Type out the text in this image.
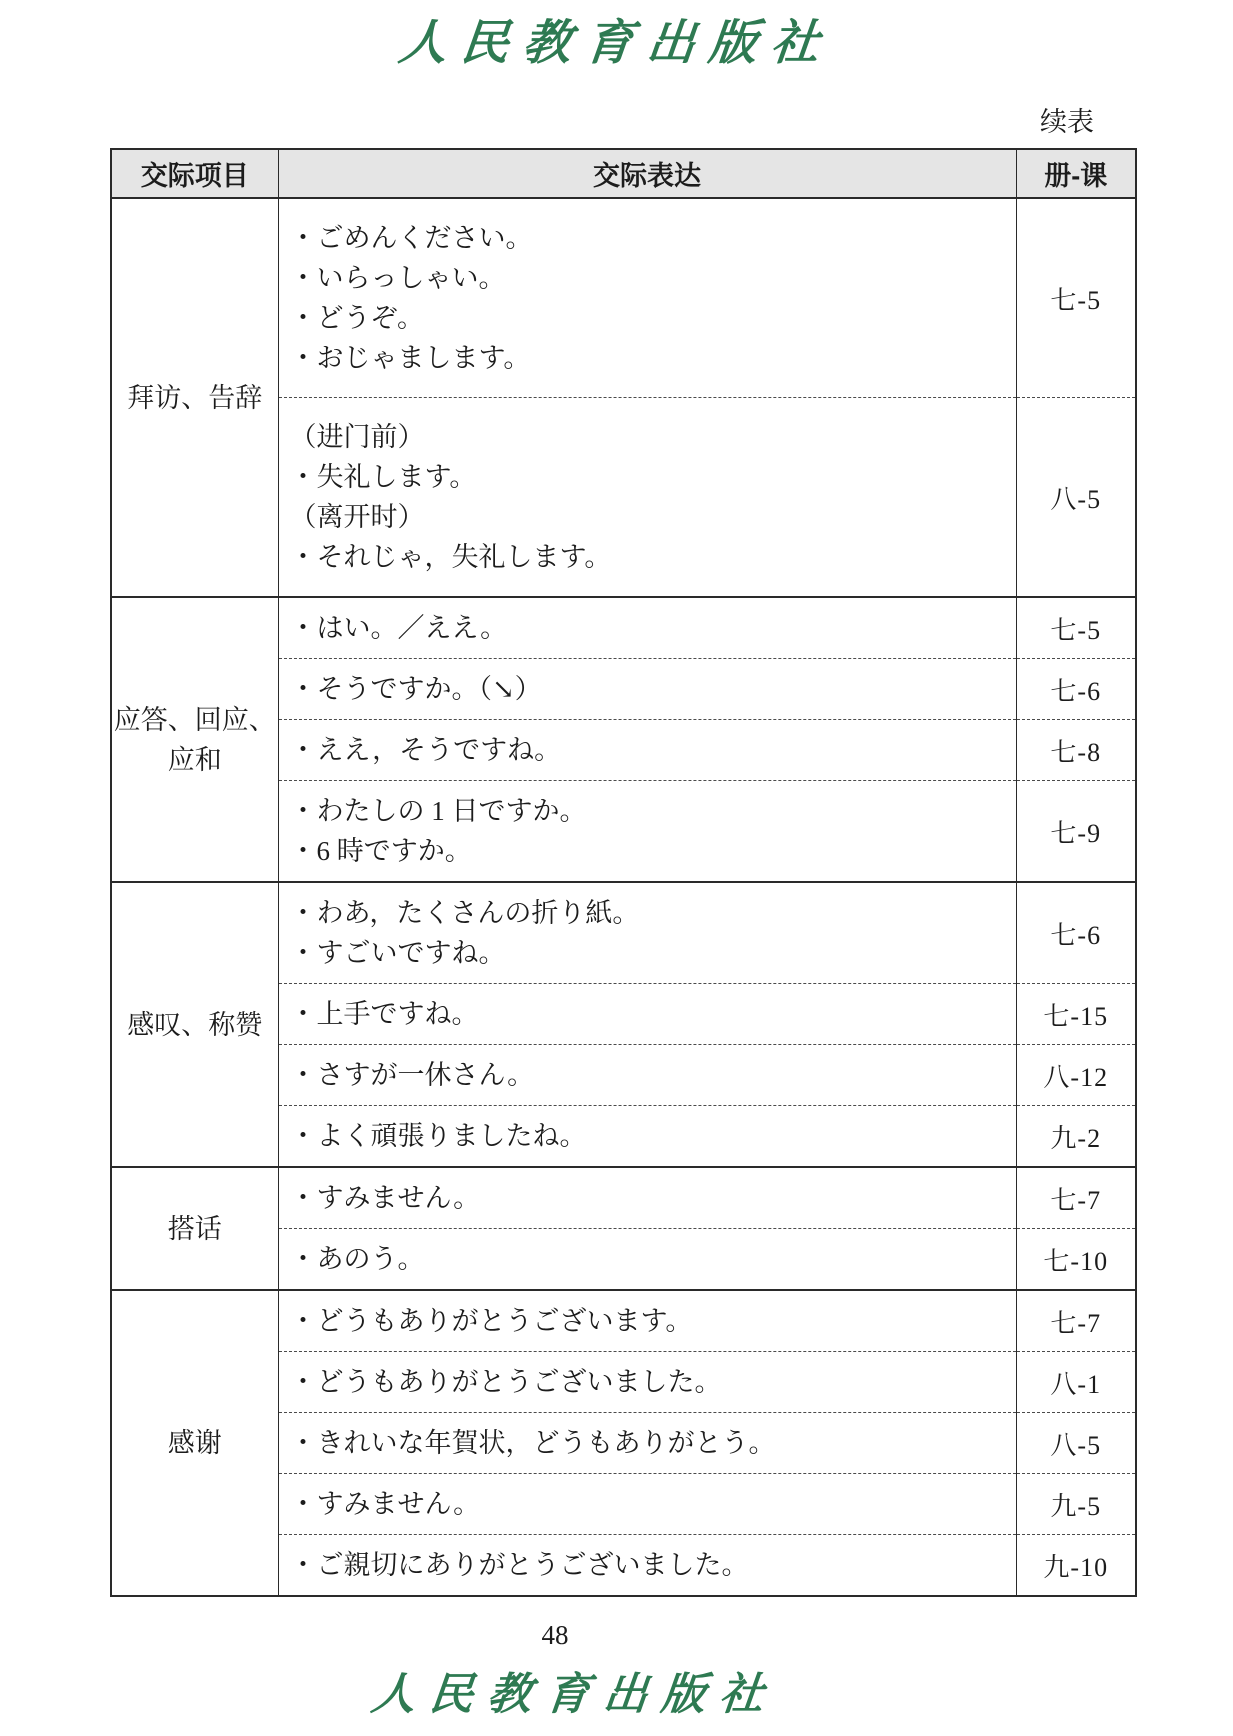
人民教育出版社
续表
交际项目	交际表达	册-课

拜访、告辞	・ごめんください。
・いらっしゃい。
・どうぞ。
・おじゃまします。	七-5

	（进门前）
・失礼します。
（离开时）
・それじゃ，失礼します。	八-5

应答、回应、
应和	・はい。／ええ。	七-5

	・そうですか。（↘）	七-6

	・ええ，そうですね。	七-8

	・わたしの 1 日ですか。
・6 時ですか。	七-9

感叹、称赞	・わあ，たくさんの折り紙。
・すごいですね。	七-6

	・上手ですね。	七-15

	・さすが一休さん。	八-12

	・よく頑張りましたね。	九-2

搭话	・すみません。	七-7

	・あのう。	七-10

感谢	・どうもありがとうございます。	七-7

	・どうもありがとうございました。	八-1

	・きれいな年賀状，どうもありがとう。	八-5

	・すみません。	九-5

	・ご親切にありがとうございました。	九-10
48
人民教育出版社
